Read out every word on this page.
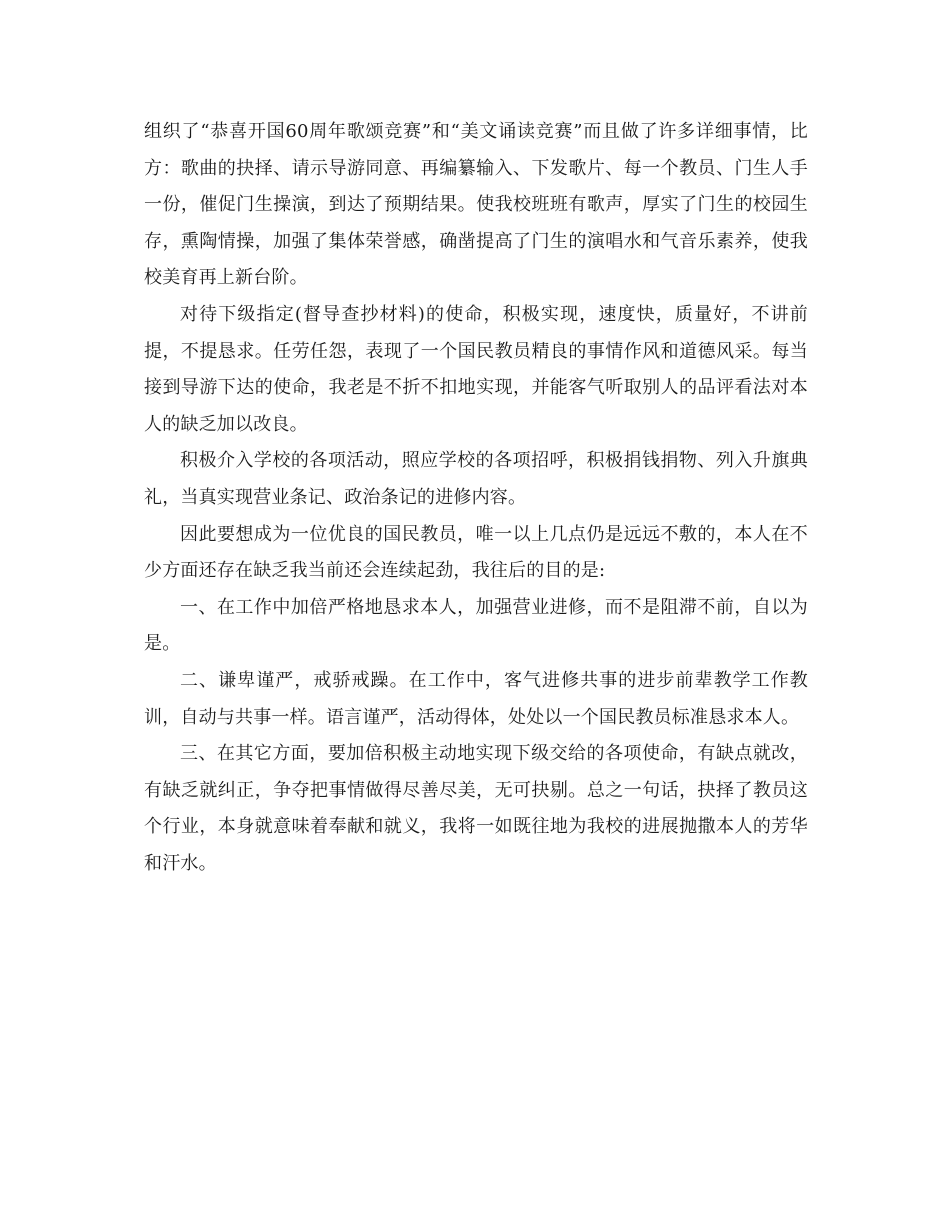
组织了“恭喜开国60周年歌颂竞赛”和“美文诵读竞赛”而且做了许多详细事情，比方：歌曲的抉择、请示导游同意、再编纂输入、下发歌片、每一个教员、门生人手一份，催促门生操演，到达了预期结果。使我校班班有歌声，厚实了门生的校园生存，熏陶情操，加强了集体荣誉感，确凿提高了门生的演唱水和气音乐素养，使我校美育再上新台阶。

对待下级指定(督导查抄材料)的使命，积极实现，速度快，质量好，不讲前提，不提恳求。任劳任怨，表现了一个国民教员精良的事情作风和道德风采。每当接到导游下达的使命，我老是不折不扣地实现，并能客气听取别人的品评看法对本人的缺乏加以改良。

积极介入学校的各项活动，照应学校的各项招呼，积极捐钱捐物、列入升旗典礼，当真实现营业条记、政治条记的进修内容。

因此要想成为一位优良的国民教员，唯一以上几点仍是远远不敷的，本人在不少方面还存在缺乏我当前还会连续起劲，我往后的目的是:

一、在工作中加倍严格地恳求本人，加强营业进修，而不是阻滞不前，自以为是。

二、谦卑谨严，戒骄戒躁。在工作中，客气进修共事的进步前辈教学工作教训，自动与共事一样。语言谨严，活动得体，处处以一个国民教员标准恳求本人。

三、在其它方面，要加倍积极主动地实现下级交给的各项使命，有缺点就改，有缺乏就纠正，争夺把事情做得尽善尽美，无可抉剔。总之一句话，抉择了教员这个行业，本身就意味着奉献和就义，我将一如既往地为我校的进展抛撒本人的芳华和汗水。
